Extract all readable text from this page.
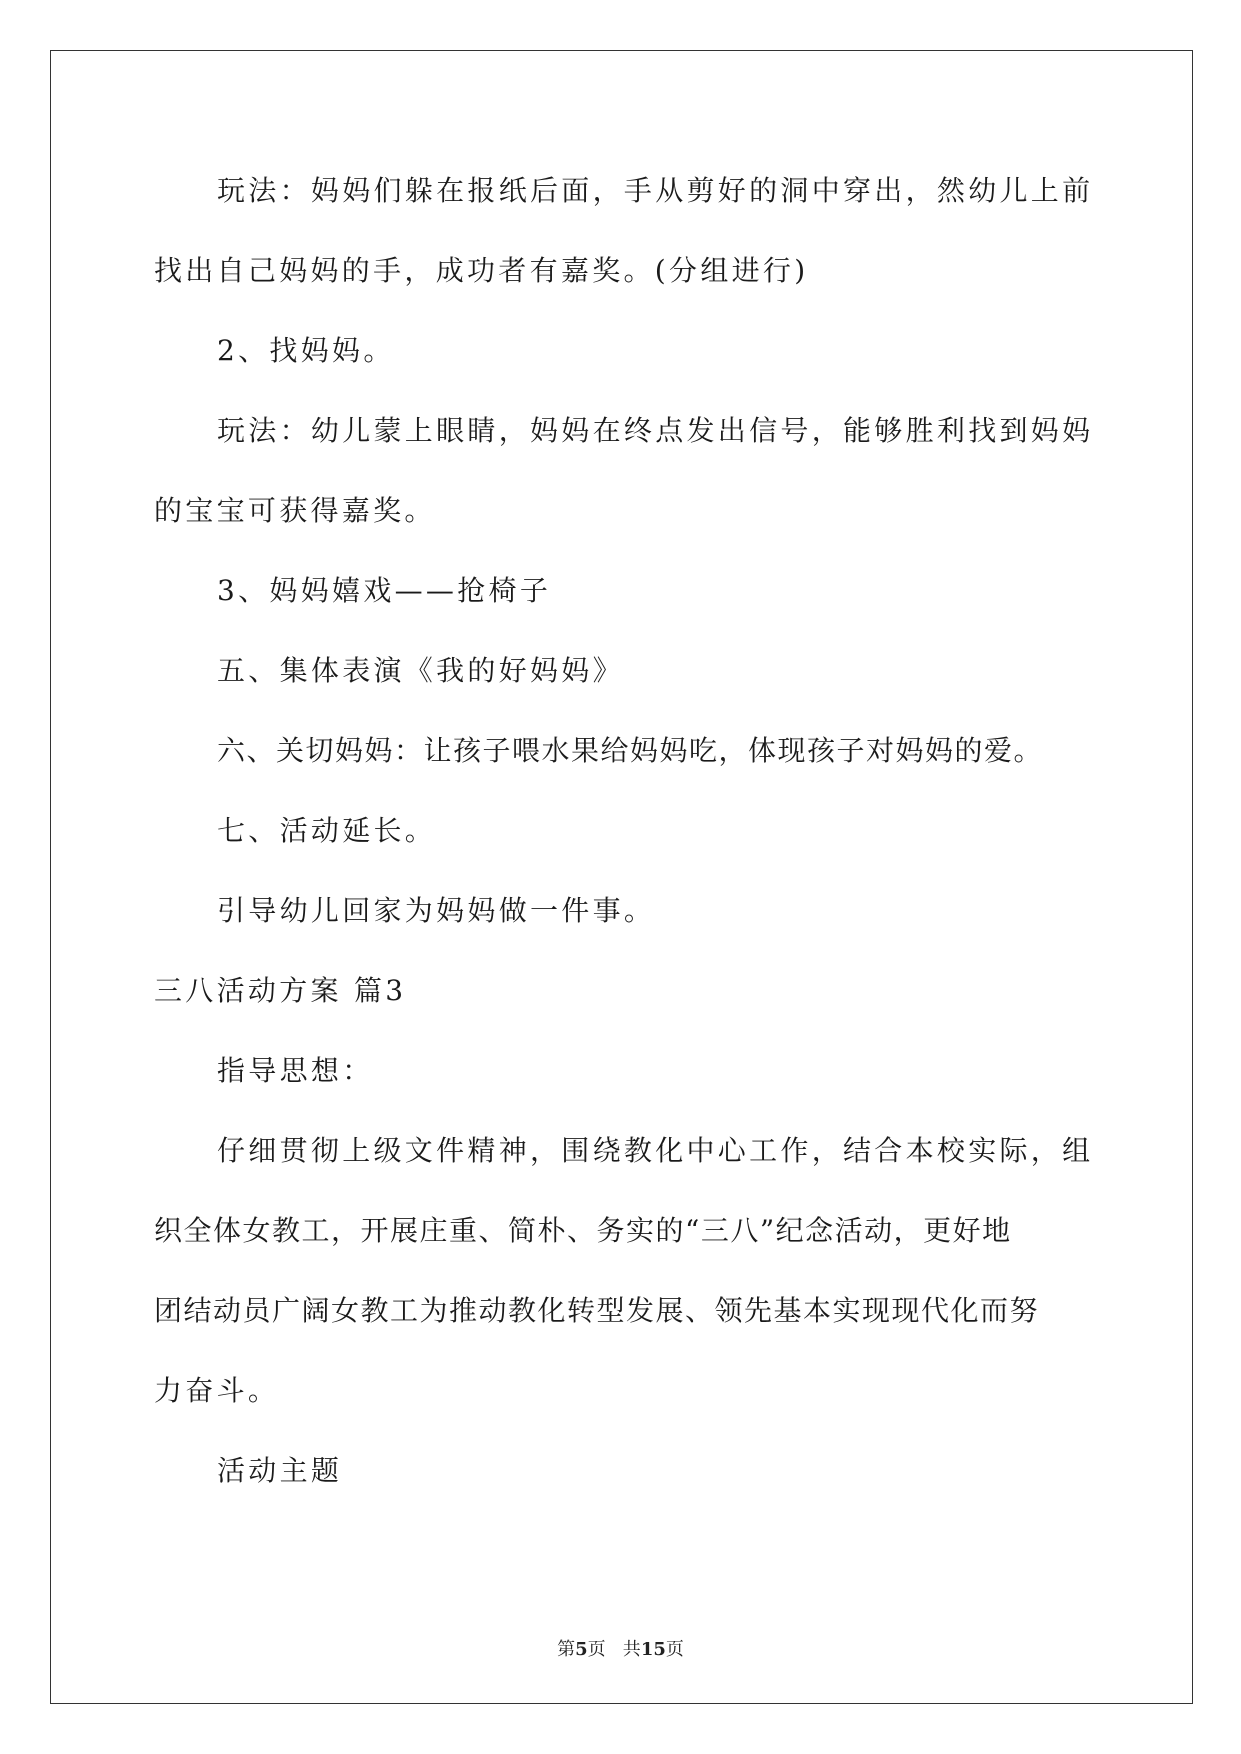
玩法：妈妈们躲在报纸后面，手从剪好的洞中穿出，然幼儿上前

找出自己妈妈的手，成功者有嘉奖。(分组进行)

2、找妈妈。

玩法：幼儿蒙上眼睛，妈妈在终点发出信号，能够胜利找到妈妈

的宝宝可获得嘉奖。

3、妈妈嬉戏——抢椅子

五、集体表演《我的好妈妈》

六、关切妈妈：让孩子喂水果给妈妈吃，体现孩子对妈妈的爱。

七、活动延长。

引导幼儿回家为妈妈做一件事。

三八活动方案 篇3

指导思想：

仔细贯彻上级文件精神，围绕教化中心工作，结合本校实际，组

织全体女教工，开展庄重、简朴、务实的“三八”纪念活动，更好地

团结动员广阔女教工为推动教化转型发展、领先基本实现现代化而努

力奋斗。

活动主题

第5页   共15页
